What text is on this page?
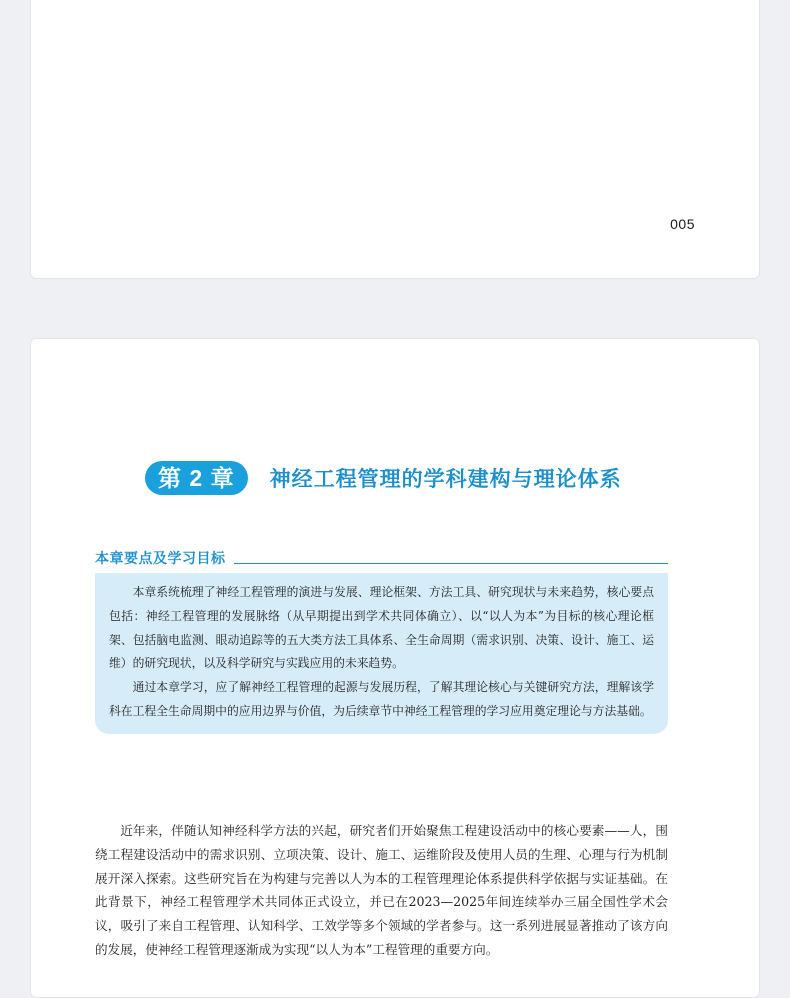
005
第 2 章	神经工程管理的学科建构与理论体系
本章要点及学习目标

本章系统梳理了神经工程管理的演进与发展、理论框架、方法工具、研究现状与未来趋势，核心要点包括：神经工程管理的发展脉络（从早期提出到学术共同体确立）、以“以人为本”为目标的核心理论框架、包括脑电监测、眼动追踪等的五大类方法工具体系、全生命周期（需求识别、决策、设计、施工、运维）的研究现状，以及科学研究与实践应用的未来趋势。

通过本章学习，应了解神经工程管理的起源与发展历程，了解其理论核心与关键研究方法，理解该学科在工程全生命周期中的应用边界与价值，为后续章节中神经工程管理的学习应用奠定理论与方法基础。

近年来，伴随认知神经科学方法的兴起，研究者们开始聚焦工程建设活动中的核心要素——人，围绕工程建设活动中的需求识别、立项决策、设计、施工、运维阶段及使用人员的生理、心理与行为机制展开深入探索。这些研究旨在为构建与完善以人为本的工程管理理论体系提供科学依据与实证基础。在此背景下，神经工程管理学术共同体正式设立，并已在2023—2025年间连续举办三届全国性学术会议，吸引了来自工程管理、认知科学、工效学等多个领域的学者参与。这一系列进展显著推动了该方向的发展，使神经工程管理逐渐成为实现“以人为本”工程管理的重要方向。
